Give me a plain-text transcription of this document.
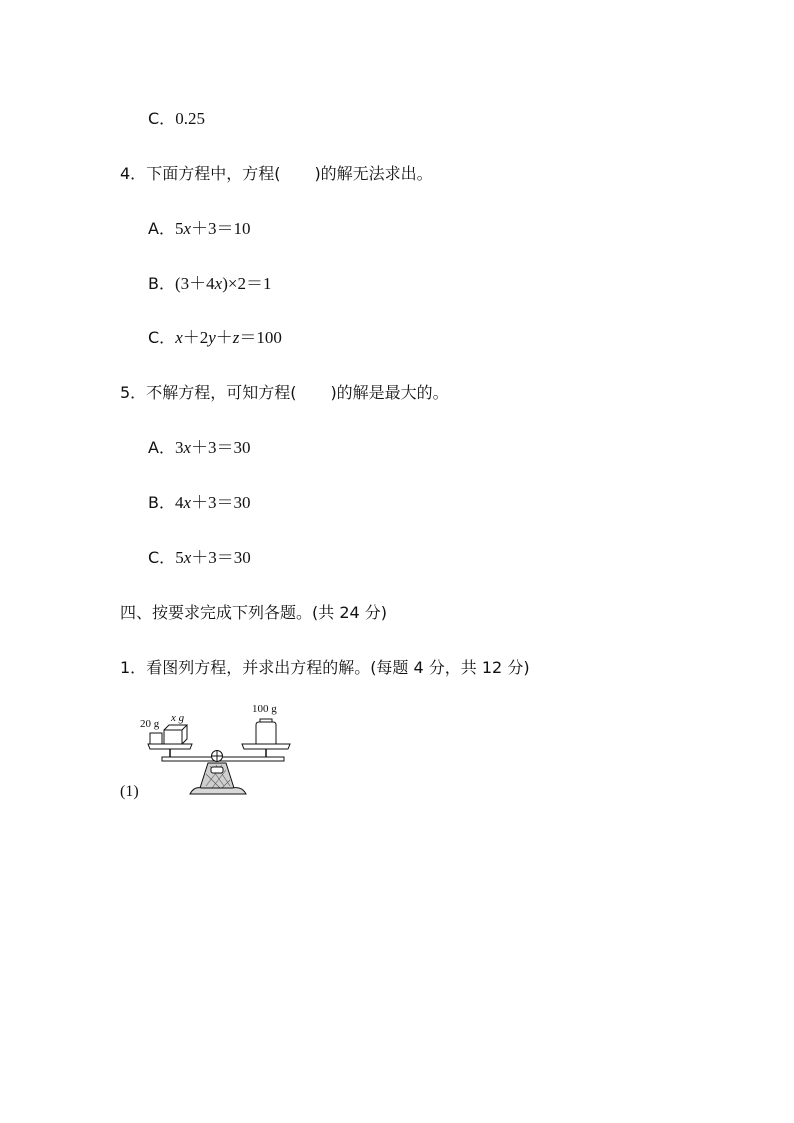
C．0.25
4．下面方程中，方程( )的解无法求出。
A．5x＋3＝10
B．(3＋4x)×2＝1
C．x＋2y＋z＝100
5．不解方程，可知方程( )的解是最大的。
A．3x＋3＝30
B．4x＋3＝30
C．5x＋3＝30
四、按要求完成下列各题。(共 24 分)
1．看图列方程，并求出方程的解。(每题 4 分，共 12 分)
20 g x g
100 g
(1)
